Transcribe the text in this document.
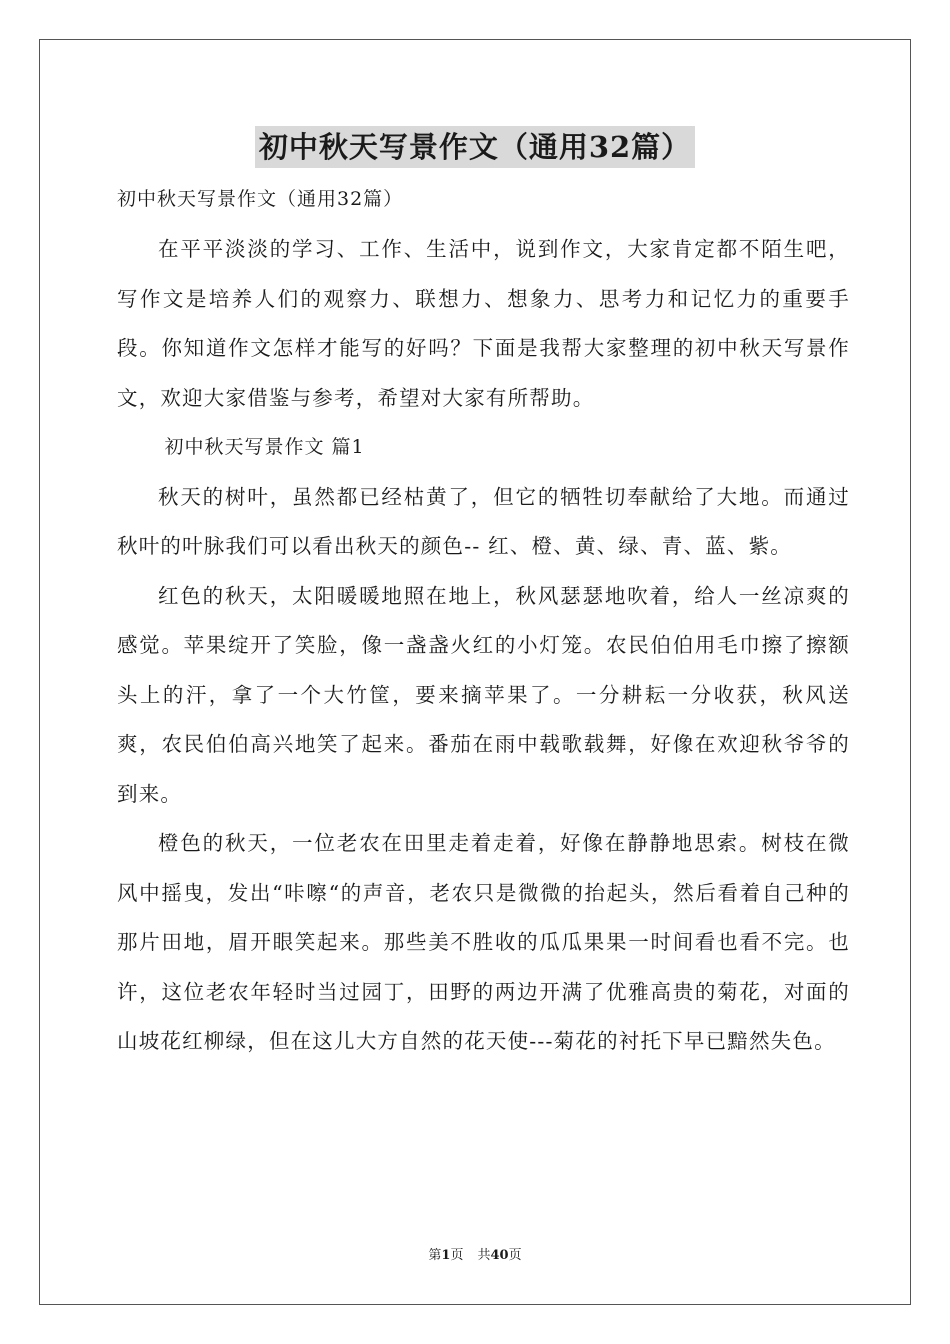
初中秋天写景作文（通用32篇）
初中秋天写景作文（通用32篇）

在平平淡淡的学习、工作、生活中，说到作文，大家肯定都不陌生吧，写作文是培养人们的观察力、联想力、想象力、思考力和记忆力的重要手段。你知道作文怎样才能写的好吗？下面是我帮大家整理的初中秋天写景作文，欢迎大家借鉴与参考，希望对大家有所帮助。

初中秋天写景作文 篇1

秋天的树叶，虽然都已经枯黄了，但它的牺牲切奉献给了大地。而通过秋叶的叶脉我们可以看出秋天的颜色-- 红、橙、黄、绿、青、蓝、紫。

红色的秋天，太阳暖暖地照在地上，秋风瑟瑟地吹着，给人一丝凉爽的感觉。苹果绽开了笑脸，像一盏盏火红的小灯笼。农民伯伯用毛巾擦了擦额头上的汗，拿了一个大竹筐，要来摘苹果了。一分耕耘一分收获，秋风送爽，农民伯伯高兴地笑了起来。番茄在雨中载歌载舞，好像在欢迎秋爷爷的到来。

橙色的秋天，一位老农在田里走着走着，好像在静静地思索。树枝在微风中摇曳，发出“咔嚓“的声音，老农只是微微的抬起头，然后看着自己种的那片田地，眉开眼笑起来。那些美不胜收的瓜瓜果果一时间看也看不完。也许，这位老农年轻时当过园丁，田野的两边开满了优雅高贵的菊花，对面的山坡花红柳绿，但在这儿大方自然的花天使---菊花的衬托下早已黯然失色。

第1页 共40页
